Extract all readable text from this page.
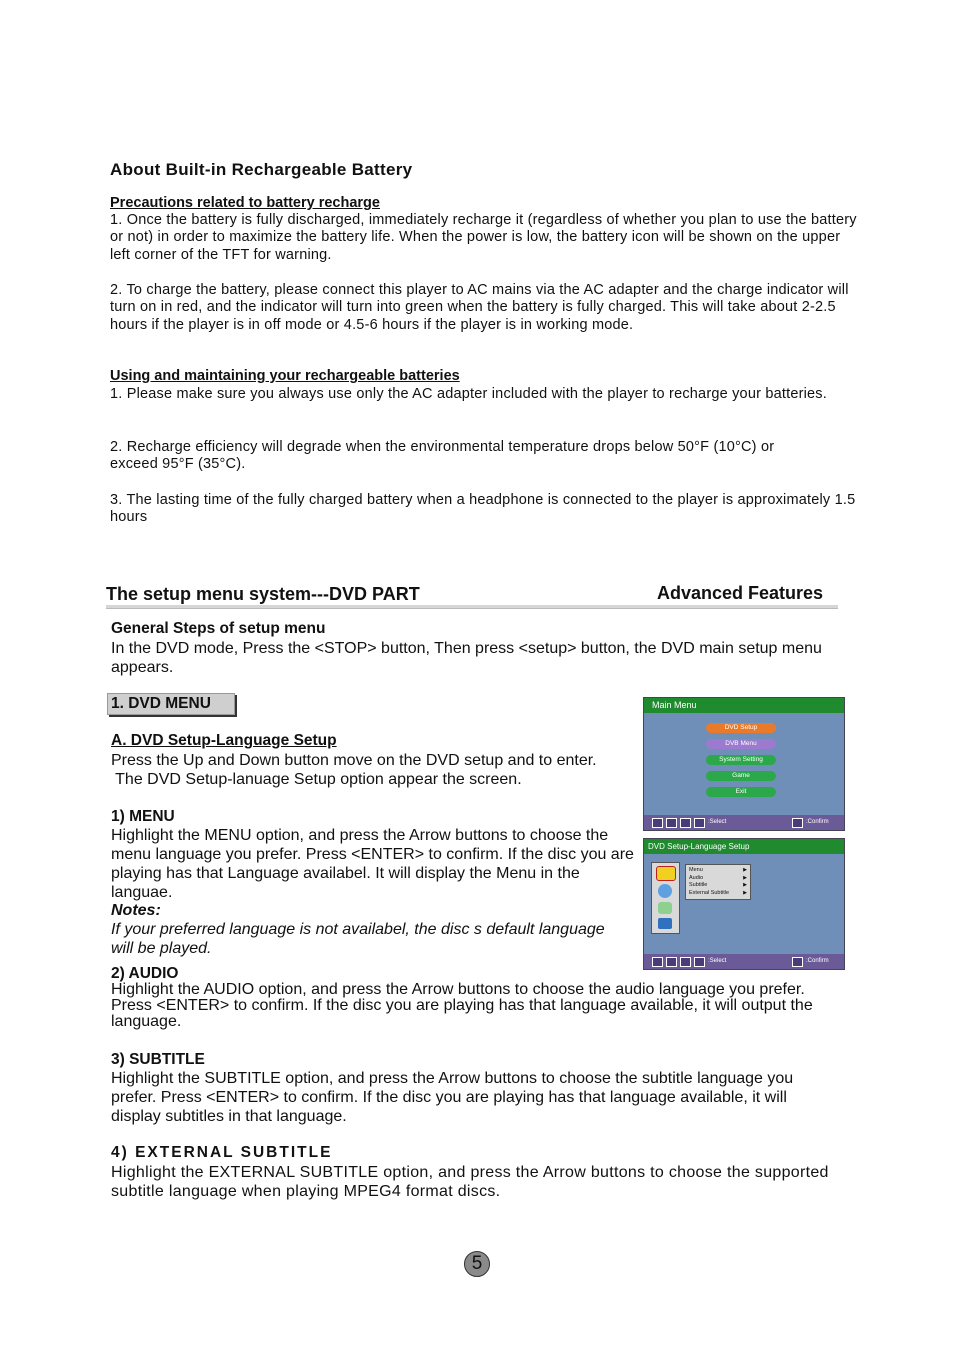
About Built-in Rechargeable Battery
Precautions related to battery recharge
1. Once the battery is fully discharged, immediately recharge it (regardless of whether you plan to use the battery or not) in order to maximize the battery life. When the power is low, the battery icon will be shown on the upper left corner of the TFT for warning.
2. To charge the battery, please connect this player to AC mains via the AC adapter and the charge indicator will turn on in red, and the indicator will turn into green when the battery is fully charged. This will take about 2-2.5 hours if the player is in off mode or 4.5-6 hours if the player is in working mode.
Using and maintaining your rechargeable batteries
1. Please make sure you always use only the AC adapter included with the player to recharge your batteries.
2. Recharge efficiency will degrade when the environmental temperature drops below 50°F (10°C) or exceed 95°F (35°C).
3. The lasting time of the fully charged battery when a headphone is connected to the player is approximately 1.5 hours
The setup menu system---DVD PART	Advanced Features
General Steps of setup menu
In the DVD mode, Press the <STOP> button, Then press <setup> button, the DVD main setup menu appears.
1. DVD MENU
A. DVD Setup-Language Setup
Press the Up and Down button move on the DVD setup and to enter.
The DVD Setup-lanuage Setup option appear the screen.
1) MENU
Highlight the MENU option, and press the Arrow buttons to choose the menu language you prefer. Press <ENTER> to confirm. If the disc you are playing has that Language availabel. It will display the Menu in the languae.
Notes:
If your preferred language is not availabel, the disc s default language will be played.
2) AUDIO
Highlight the AUDIO option, and press the Arrow buttons to choose the audio language you prefer. Press <ENTER> to confirm. If the disc you are playing has that language available, it will output the language.
3) SUBTITLE
Highlight the SUBTITLE option, and press the Arrow buttons to choose the subtitle language you prefer. Press <ENTER> to confirm. If the disc you are playing has that language available, it will display subtitles in that language.
4) EXTERNAL SUBTITLE
Highlight the EXTERNAL SUBTITLE option, and press the Arrow buttons to choose the supported subtitle language when playing MPEG4 format discs.
Main Menu
DVD Setup
DVB Menu
System Setting
Game
Exit
:Select	:Confirm
DVD Setup-Language Setup
Menu	▶
Audio	▶
Subtitle	▶
External Subtitle	▶
:Select	:Confirm
5
